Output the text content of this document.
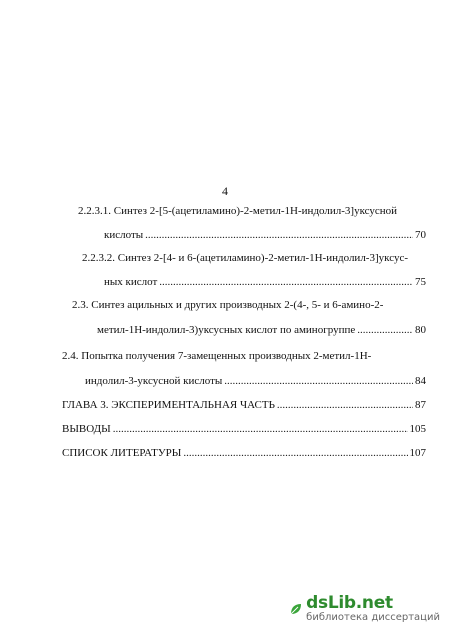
4
2.2.3.1. Синтез 2-[5-(ацетиламино)-2-метил-1Н-индолил-3]уксусной
кислоты .....	70
2.2.3.2. Синтез 2-[4- и 6-(ацетиламино)-2-метил-1Н-индолил-3]уксус-
ных кислот .....	75
2.3. Синтез ацильных и других производных 2-(4-, 5- и 6-амино-2-
метил-1Н-индолил-3)уксусных кислот по аминогруппе .....	80
2.4. Попытка получения 7-замещенных производных 2-метил-1Н-
индолил-3-уксусной кислоты .....	84
ГЛАВА 3. ЭКСПЕРИМЕНТАЛЬНАЯ ЧАСТЬ .....	87
ВЫВОДЫ .....	105
СПИСОК ЛИТЕРАТУРЫ .....	107
dsLib.net
библиотека диссертаций
